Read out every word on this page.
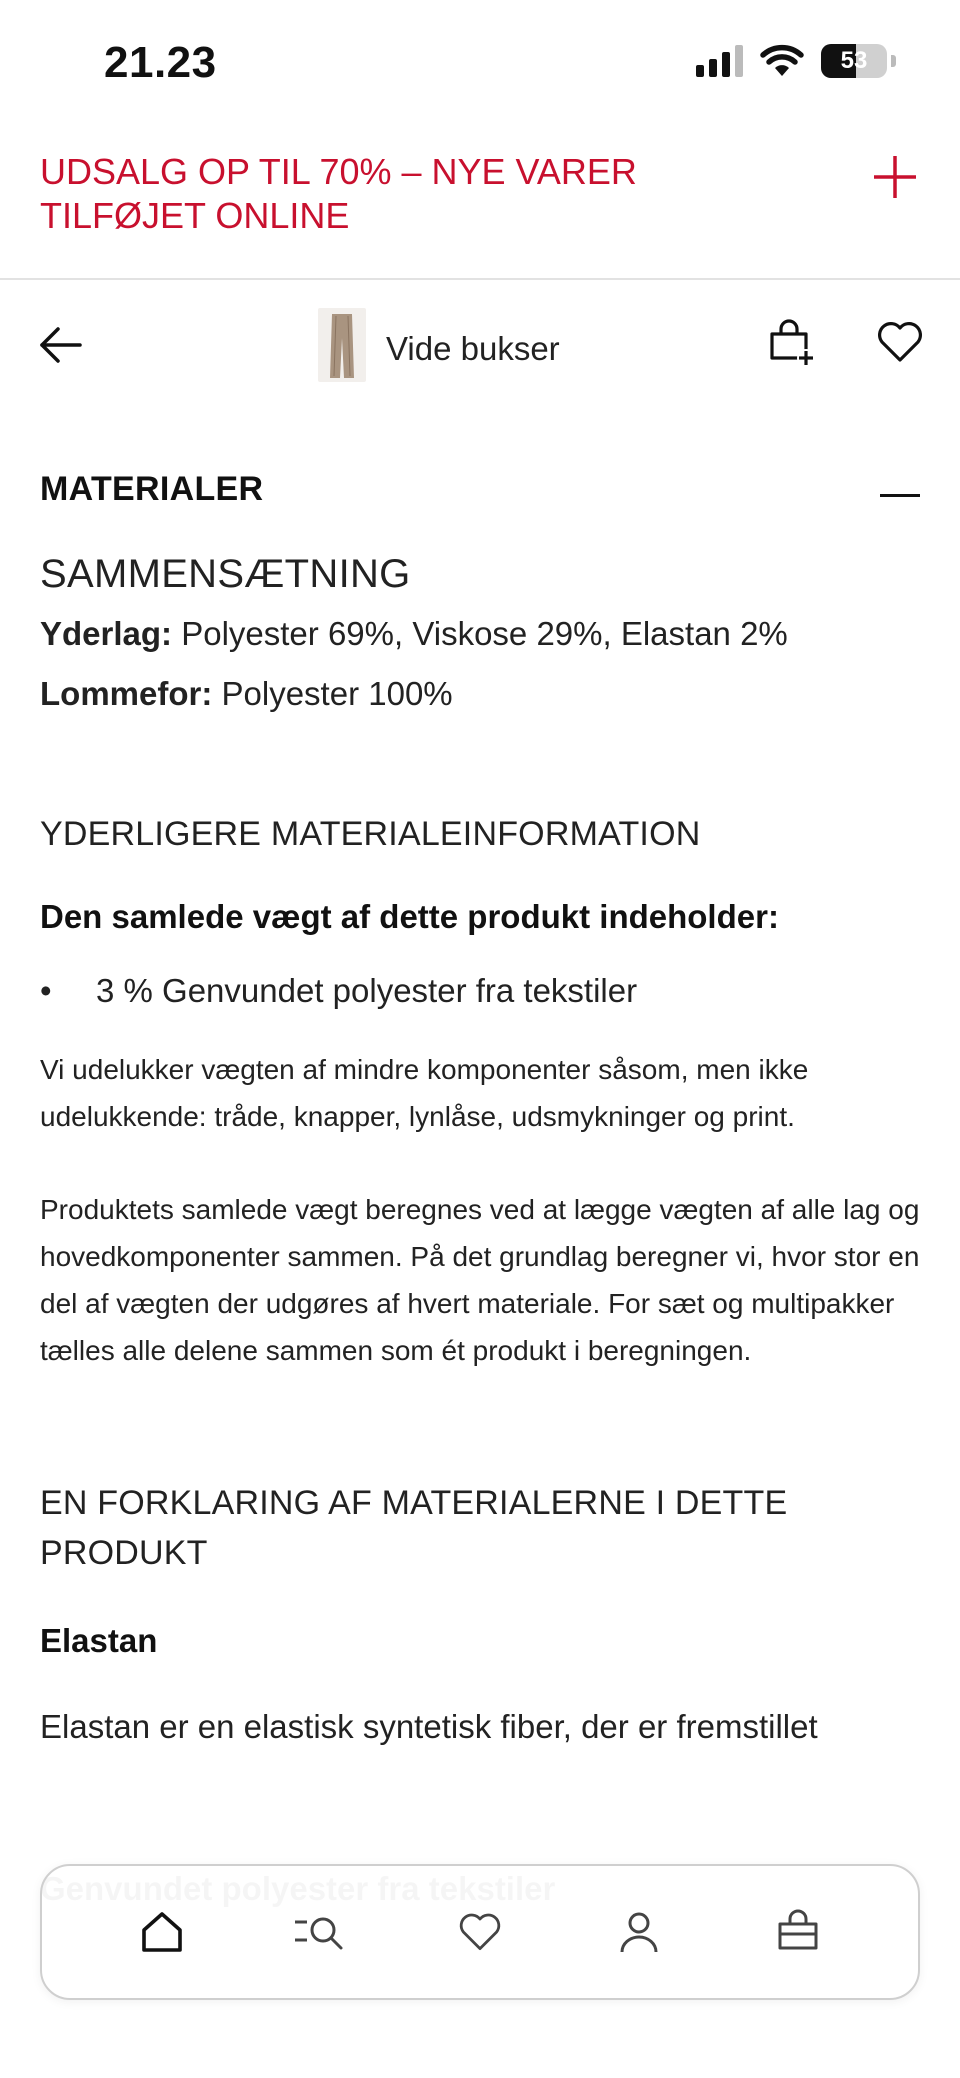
21.23	53
UDSALG OP TIL 70% – NYE VARER TILFØJET ONLINE
Vide bukser
MATERIALER
SAMMENSÆTNING
Yderlag: Polyester 69%, Viskose 29%, Elastan 2%
Lommefor: Polyester 100%
YDERLIGERE MATERIALEINFORMATION
Den samlede vægt af dette produkt indeholder:
•	3 % Genvundet polyester fra tekstiler
Vi udelukker vægten af mindre komponenter såsom, men ikke udelukkende: tråde, knapper, lynlåse, udsmykninger og print.
Produktets samlede vægt beregnes ved at lægge vægten af alle lag og hovedkomponenter sammen. På det grundlag beregner vi, hvor stor en del af vægten der udgøres af hvert materiale. For sæt og multipakker tælles alle delene sammen som ét produkt i beregningen.
EN FORKLARING AF MATERIALERNE I DETTE PRODUKT
Elastan
Elastan er en elastisk syntetisk fiber, der er fremstillet
